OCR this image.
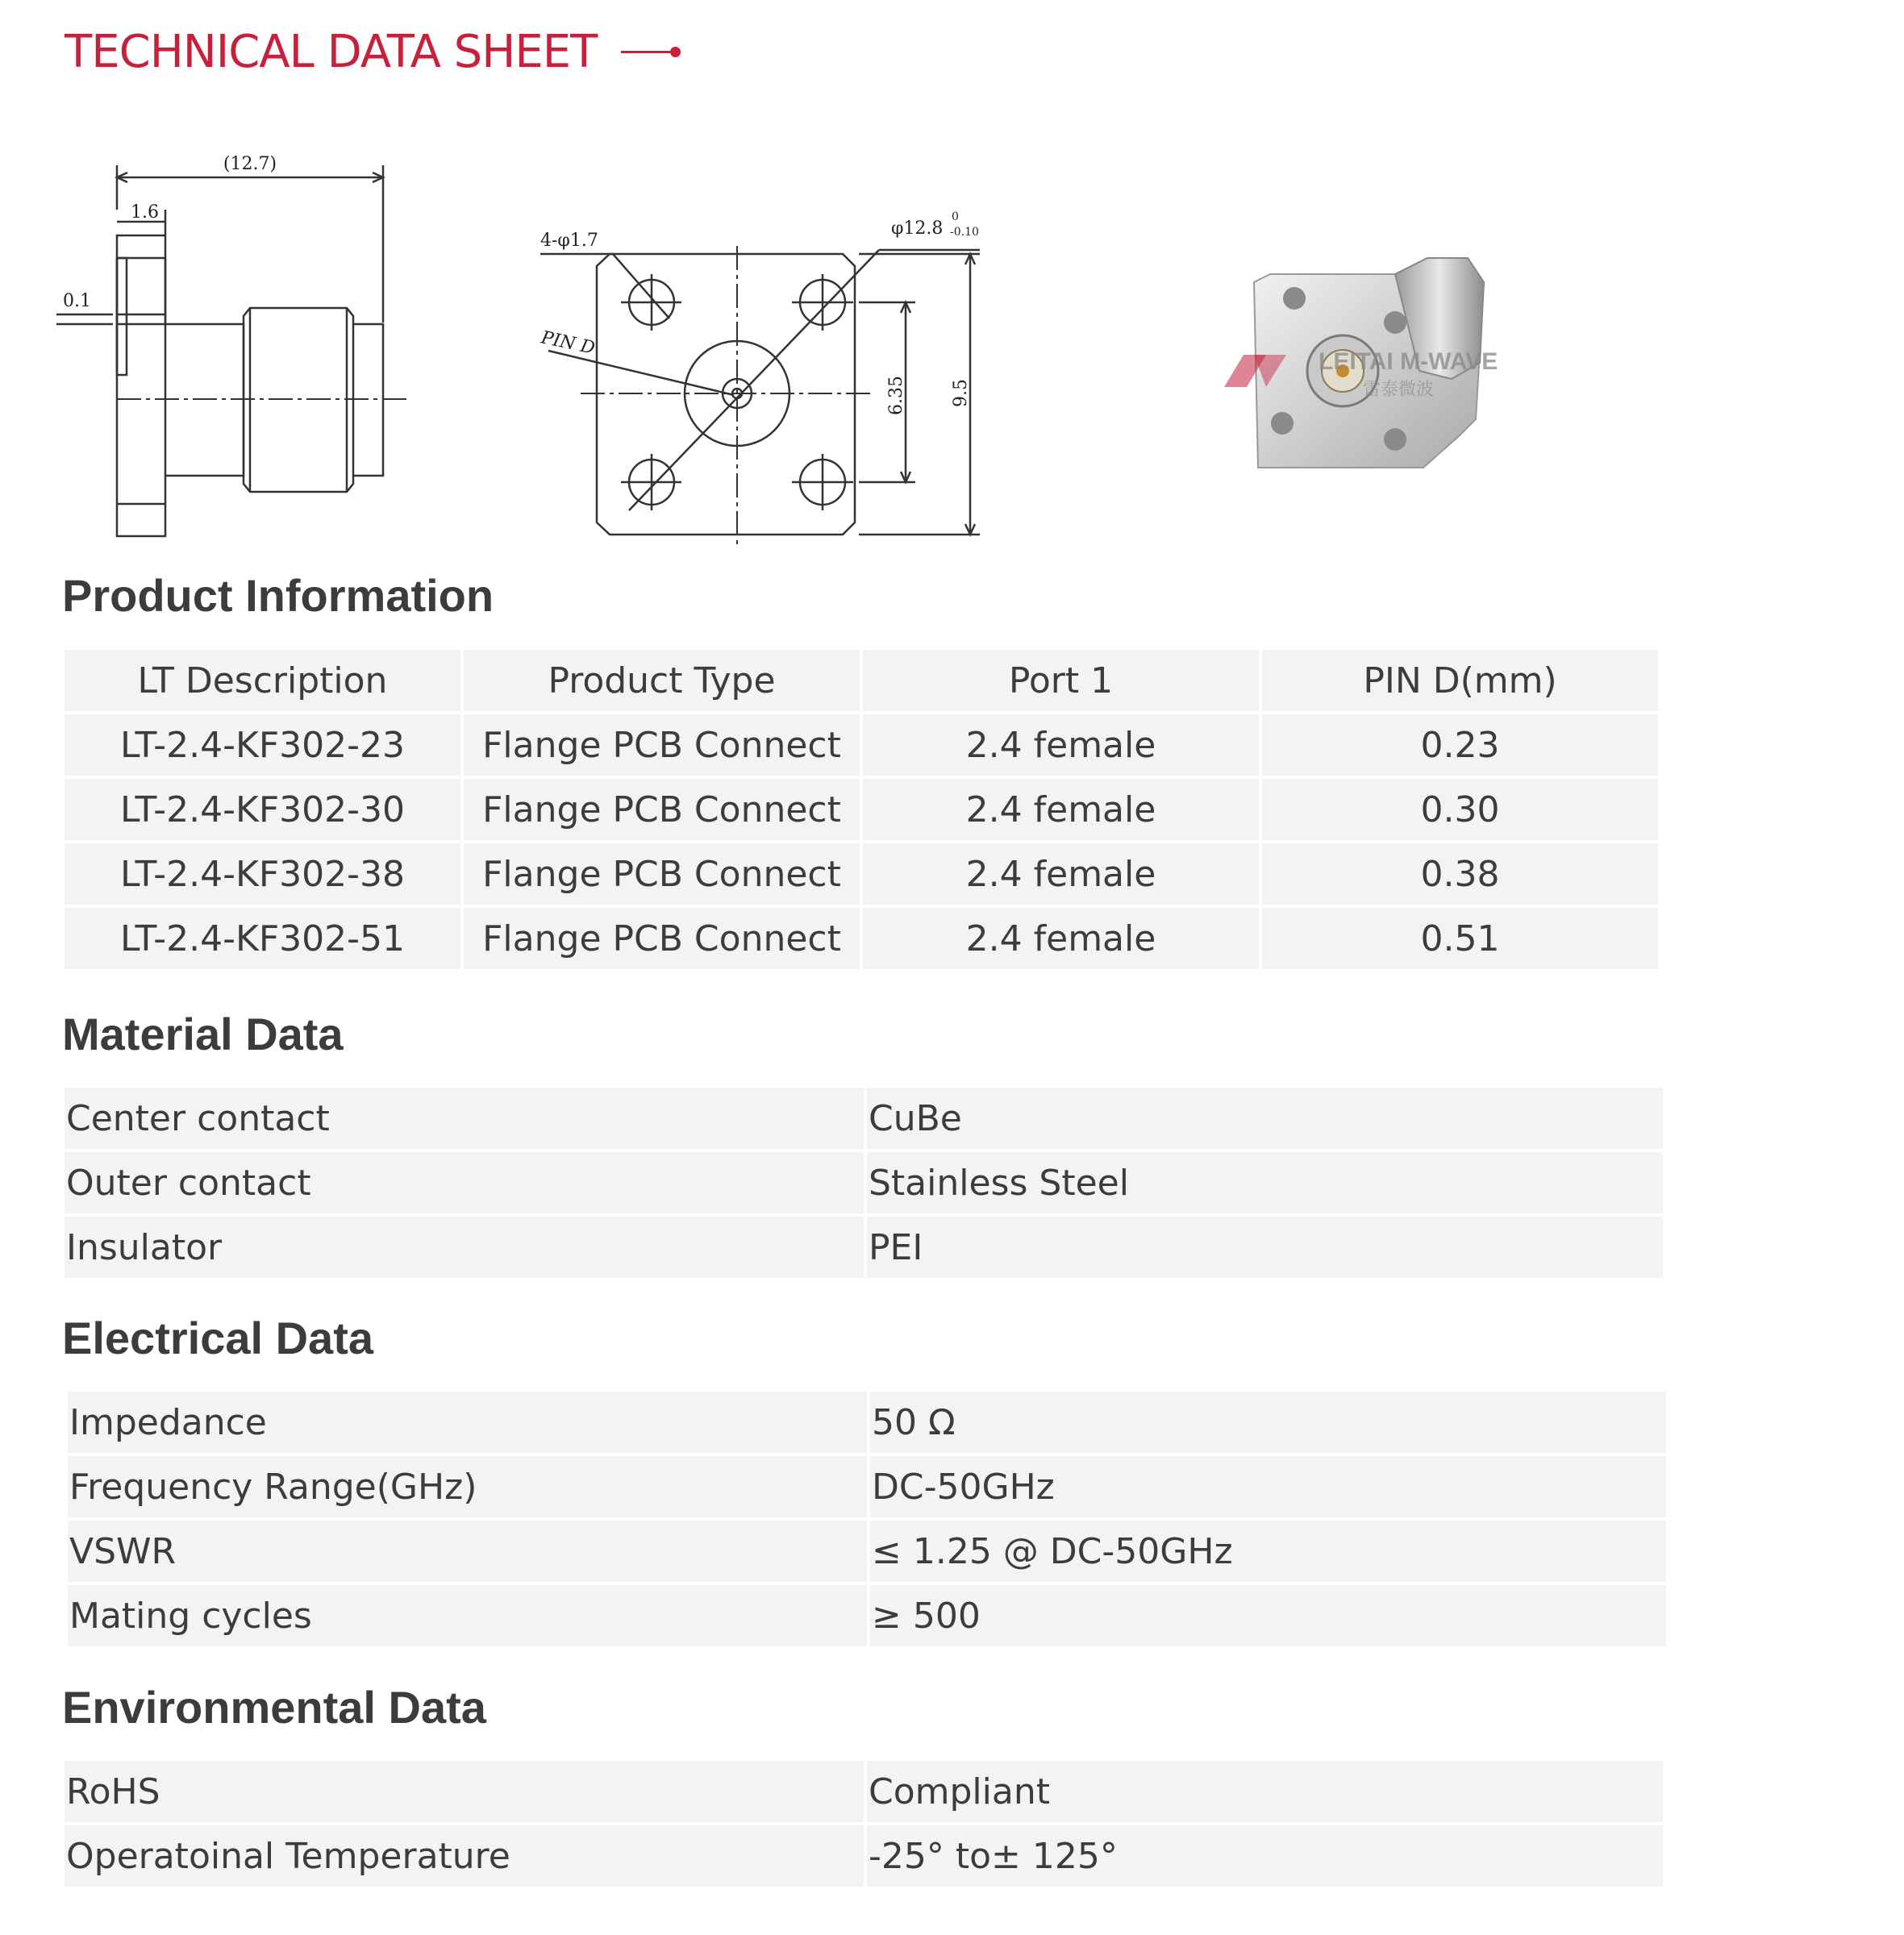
TECHNICAL DATA SHEET
(12.7)
1.6
0.1
4-φ1.7
φ12.8
0
-0.10
PIN D
6.35	9.5
LEITAI M-WAVE
雷泰微波
Product Information
LT Description	Product Type	Port 1	PIN D(mm)
LT-2.4-KF302-23	Flange PCB Connect	2.4 female	0.23
LT-2.4-KF302-30	Flange PCB Connect	2.4 female	0.30
LT-2.4-KF302-38	Flange PCB Connect	2.4 female	0.38
LT-2.4-KF302-51	Flange PCB Connect	2.4 female	0.51
Material Data
Center contact	CuBe
Outer contact	Stainless Steel
Insulator	PEI
Electrical Data
Impedance	50 Ω
Frequency Range(GHz)	DC-50GHz
VSWR	≤ 1.25 @ DC-50GHz
Mating cycles	≥ 500
Environmental Data
RoHS	Compliant
Operatoinal Temperature	-25° to± 125°
